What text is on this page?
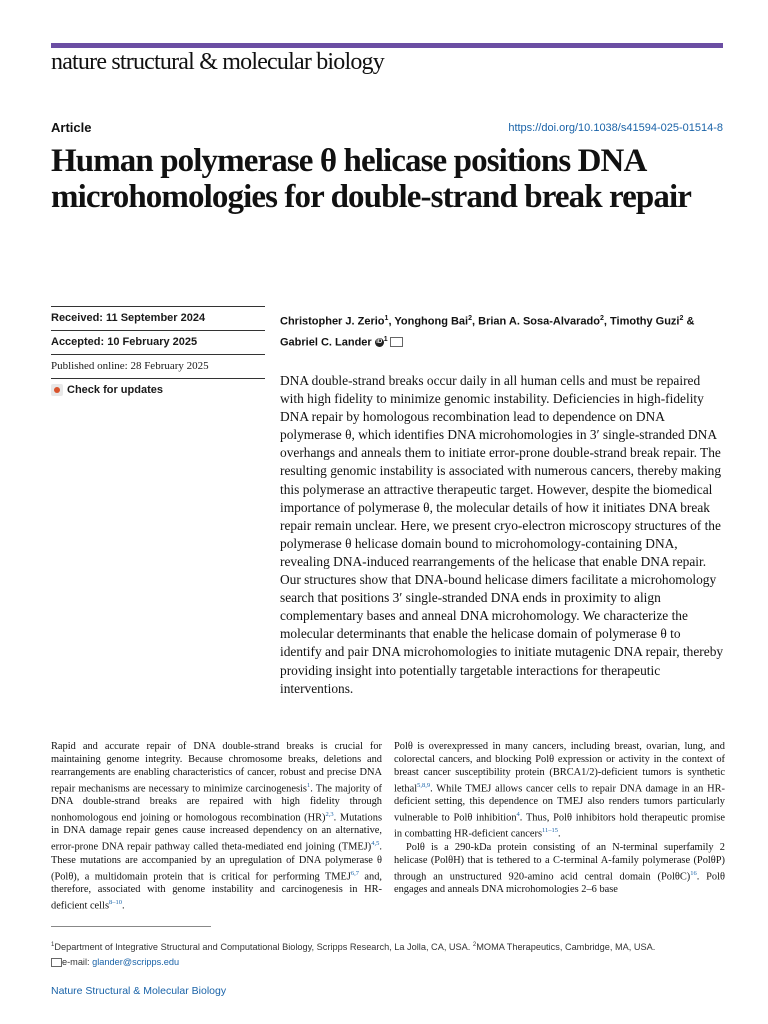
nature structural & molecular biology
Article	https://doi.org/10.1038/s41594-025-01514-8
Human polymerase θ helicase positions DNA microhomologies for double-strand break repair
Received: 11 September 2024
Accepted: 10 February 2025
Published online: 28 February 2025
Check for updates
Christopher J. Zerio$^1$, Yonghong Bai$^2$, Brian A. Sosa-Alvarado$^2$, Timothy Guzi$^2$ &
Gabriel C. Lander iD $^1$

DNA double-strand breaks occur daily in all human cells and must be repaired with high fidelity to minimize genomic instability. Deficiencies in high-fidelity DNA repair by homologous recombination lead to dependence on DNA polymerase θ, which identifies DNA microhomologies in 3′ single-stranded DNA overhangs and anneals them to initiate error-prone double-strand break repair. The resulting genomic instability is associated with numerous cancers, thereby making this polymerase an attractive therapeutic target. However, despite the biomedical importance of polymerase θ, the molecular details of how it initiates DNA break repair remain unclear. Here, we present cryo-electron microscopy structures of the polymerase θ helicase domain bound to microhomology-containing DNA, revealing DNA-induced rearrangements of the helicase that enable DNA repair. Our structures show that DNA-bound helicase dimers facilitate a microhomology search that positions 3′ single-stranded DNA ends in proximity to align complementary bases and anneal DNA microhomology. We characterize the molecular determinants that enable the helicase domain of polymerase θ to identify and pair DNA microhomologies to initiate mutagenic DNA repair, thereby providing insight into potentially targetable interactions for therapeutic interventions.

Rapid and accurate repair of DNA double-strand breaks is crucial for maintaining genome integrity. Because chromosome breaks, deletions and rearrangements are enabling characteristics of cancer, robust and precise DNA repair mechanisms are necessary to minimize carcinogenesis$^1$. The majority of DNA double-strand breaks are repaired with high fidelity through nonhomologous end joining or homologous recombination (HR)$^{2,3}$. Mutations in DNA damage repair genes cause increased dependency on an alternative, error-prone DNA repair pathway called theta-mediated end joining (TMEJ)$^{4,5}$. These mutations are accompanied by an upregulation of DNA polymerase θ (Polθ), a multidomain protein that is critical for performing TMEJ$^{6,7}$ and, therefore, associated with genome instability and carcinogenesis in HR-deficient cells$^{8-10}$.

Polθ is overexpressed in many cancers, including breast, ovarian, lung, and colorectal cancers, and blocking Polθ expression or activity in the context of breast cancer susceptibility protein (BRCA1/2)-deficient tumors is synthetic lethal$^{5,8,9}$. While TMEJ allows cancer cells to repair DNA damage in an HR-deficient setting, this dependence on TMEJ also renders tumors particularly vulnerable to Polθ inhibition$^4$. Thus, Polθ inhibitors hold therapeutic promise in combatting HR-deficient cancers$^{11-15}$.

Polθ is a 290-kDa protein consisting of an N-terminal superfamily 2 helicase (PolθH) that is tethered to a C-terminal A-family polymerase (PolθP) through an unstructured 920-amino acid central domain $(Pol\theta C)^{16}$. Polθ engages and anneals DNA microhomologies 2–6 base

$^1$Department of Integrative Structural and Computational Biology, Scripps Research, La Jolla, CA, USA. $^2$MOMA Therapeutics, Cambridge, MA, USA.
e-mail: glander@scripps.edu
Nature Structural & Molecular Biology
